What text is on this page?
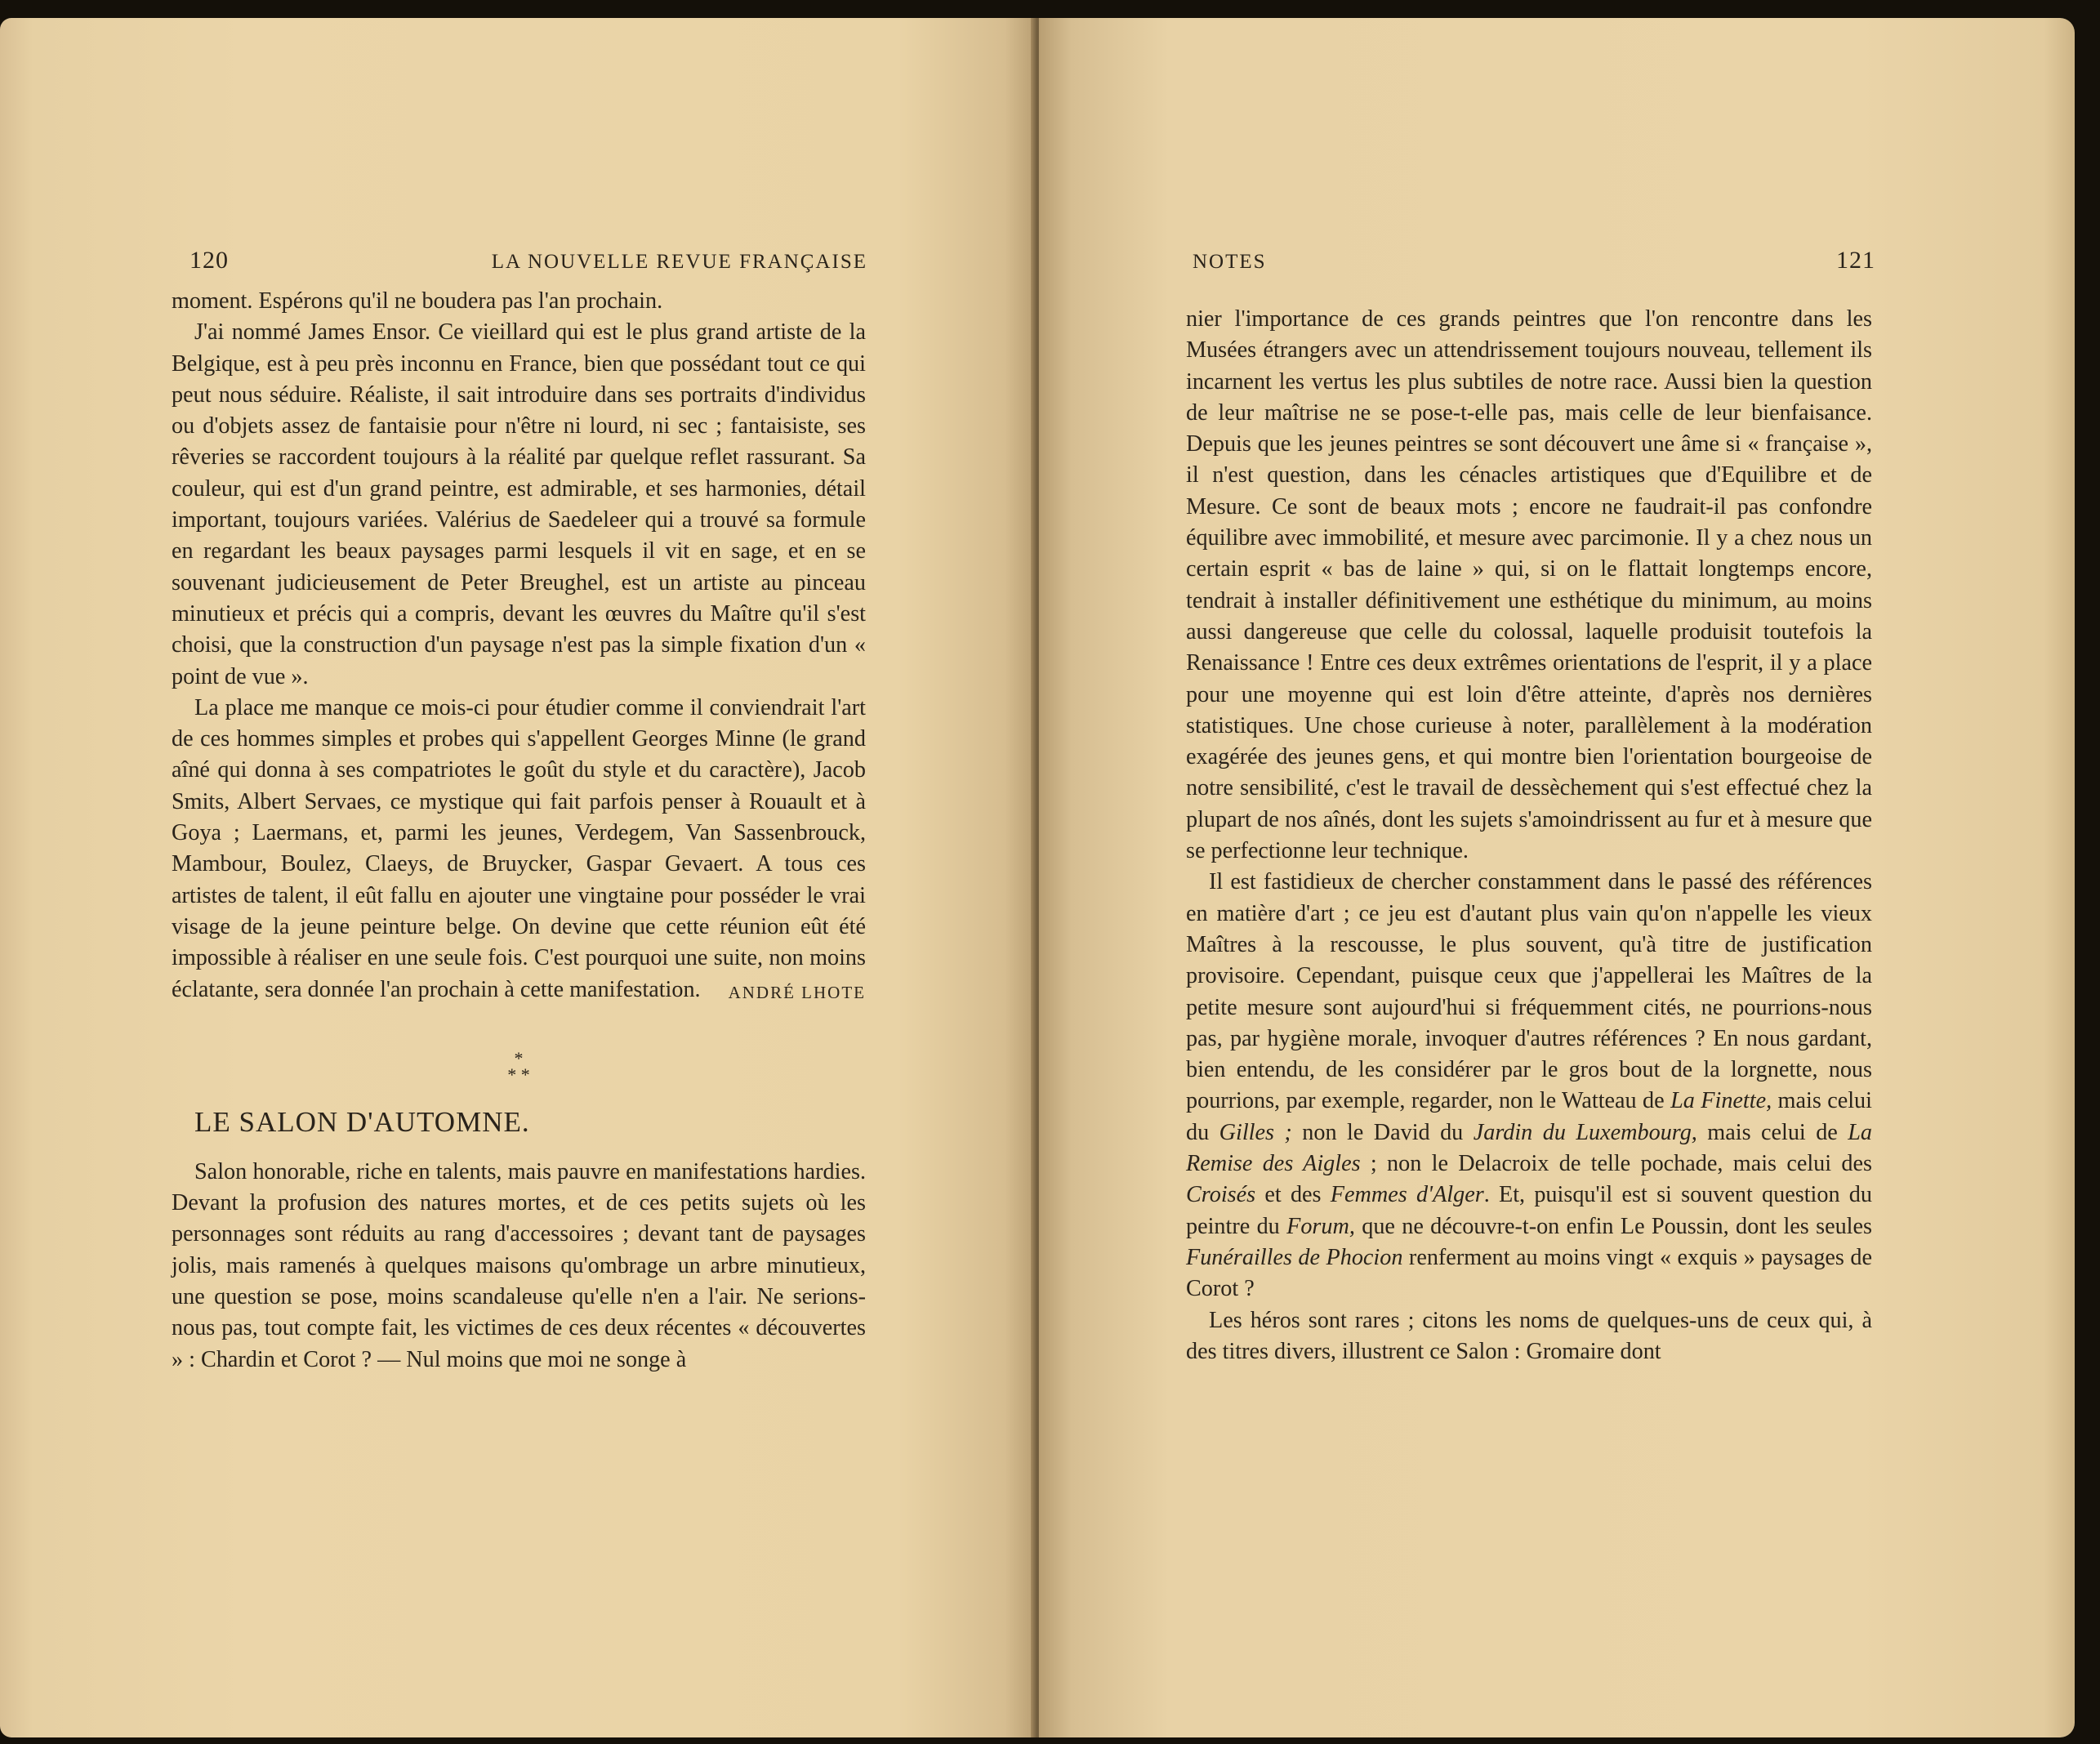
120	LA NOUVELLE REVUE FRANÇAISE

moment. Espérons qu'il ne boudera pas l'an prochain.

J'ai nommé James Ensor. Ce vieillard qui est le plus grand artiste de la Belgique, est à peu près inconnu en France, bien que possédant tout ce qui peut nous séduire. Réaliste, il sait introduire dans ses portraits d'individus ou d'objets assez de fantaisie pour n'être ni lourd, ni sec ; fantaisiste, ses rêveries se raccordent toujours à la réalité par quelque reflet rassurant. Sa couleur, qui est d'un grand peintre, est admirable, et ses harmonies, détail important, toujours variées. Valérius de Saedeleer qui a trouvé sa formule en regardant les beaux paysages parmi lesquels il vit en sage, et en se souvenant judicieusement de Peter Breughel, est un artiste au pinceau minutieux et précis qui a compris, devant les œuvres du Maître qu'il s'est choisi, que la construction d'un paysage n'est pas la simple fixation d'un « point de vue ».

La place me manque ce mois-ci pour étudier comme il conviendrait l'art de ces hommes simples et probes qui s'appellent Georges Minne (le grand aîné qui donna à ses compatriotes le goût du style et du caractère), Jacob Smits, Albert Servaes, ce mystique qui fait parfois penser à Rouault et à Goya ; Laermans, et, parmi les jeunes, Verdegem, Van Sassenbrouck, Mambour, Boulez, Claeys, de Bruycker, Gaspar Gevaert. A tous ces artistes de talent, il eût fallu en ajouter une vingtaine pour posséder le vrai visage de la jeune peinture belge. On devine que cette réunion eût été impossible à réaliser en une seule fois. C'est pourquoi une suite, non moins éclatante, sera donnée l'an prochain à cette manifestation.	ANDRÉ LHOTE
*
* *
LE SALON D'AUTOMNE.

Salon honorable, riche en talents, mais pauvre en manifestations hardies. Devant la profusion des natures mortes, et de ces petits sujets où les personnages sont réduits au rang d'accessoires ; devant tant de paysages jolis, mais ramenés à quelques maisons qu'ombrage un arbre minutieux, une question se pose, moins scandaleuse qu'elle n'en a l'air. Ne serions-nous pas, tout compte fait, les victimes de ces deux récentes « découvertes » : Chardin et Corot ? — Nul moins que moi ne songe à

NOTES	121

nier l'importance de ces grands peintres que l'on rencontre dans les Musées étrangers avec un attendrissement toujours nouveau, tellement ils incarnent les vertus les plus subtiles de notre race. Aussi bien la question de leur maîtrise ne se pose-t-elle pas, mais celle de leur bienfaisance. Depuis que les jeunes peintres se sont découvert une âme si « française », il n'est question, dans les cénacles artistiques que d'Equilibre et de Mesure. Ce sont de beaux mots ; encore ne faudrait-il pas confondre équilibre avec immobilité, et mesure avec parcimonie. Il y a chez nous un certain esprit « bas de laine » qui, si on le flattait longtemps encore, tendrait à installer définitivement une esthétique du minimum, au moins aussi dangereuse que celle du colossal, laquelle produisit toutefois la Renaissance ! Entre ces deux extrêmes orientations de l'esprit, il y a place pour une moyenne qui est loin d'être atteinte, d'après nos dernières statistiques. Une chose curieuse à noter, parallèlement à la modération exagérée des jeunes gens, et qui montre bien l'orientation bourgeoise de notre sensibilité, c'est le travail de dessèchement qui s'est effectué chez la plupart de nos aînés, dont les sujets s'amoindrissent au fur et à mesure que se perfectionne leur technique.

Il est fastidieux de chercher constamment dans le passé des références en matière d'art ; ce jeu est d'autant plus vain qu'on n'appelle les vieux Maîtres à la rescousse, le plus souvent, qu'à titre de justification provisoire. Cependant, puisque ceux que j'appellerai les Maîtres de la petite mesure sont aujourd'hui si fréquemment cités, ne pourrions-nous pas, par hygiène morale, invoquer d'autres références ? En nous gardant, bien entendu, de les considérer par le gros bout de la lorgnette, nous pourrions, par exemple, regarder, non le Watteau de La Finette, mais celui du Gilles ; non le David du Jardin du Luxembourg, mais celui de La Remise des Aigles ; non le Delacroix de telle pochade, mais celui des Croisés et des Femmes d'Alger. Et, puisqu'il est si souvent question du peintre du Forum, que ne découvre-t-on enfin Le Poussin, dont les seules Funérailles de Phocion renferment au moins vingt « exquis » paysages de Corot ?

Les héros sont rares ; citons les noms de quelques-uns de ceux qui, à des titres divers, illustrent ce Salon : Gromaire dont
